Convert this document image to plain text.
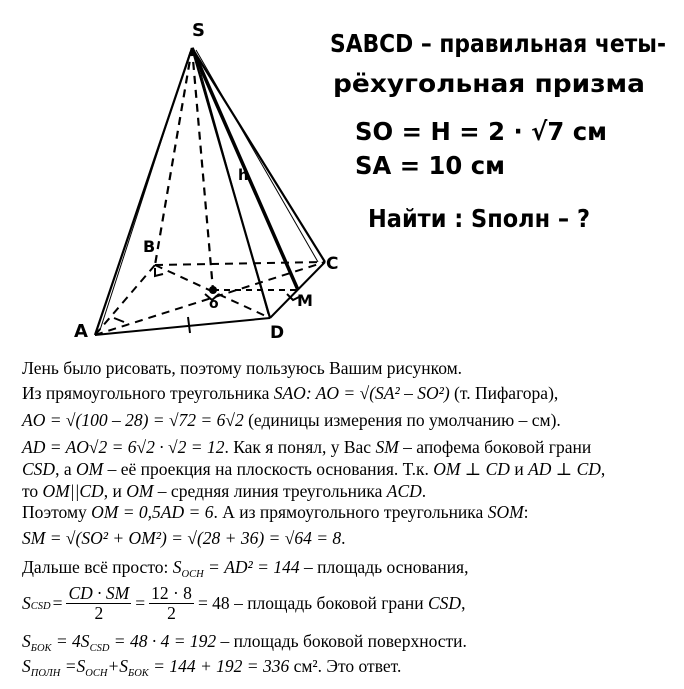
S
A
B
C
D
o	M
h
SABCD – правильная четы-
рёхугольная призма
SO = H = 2 · √7 см
SA = 10 см
Найти : Sполн – ?
Лень было рисовать, поэтому пользуюсь Вашим рисунком.
Из прямоугольного треугольника SAO: AO = √(SA² – SO²) (т. Пифагора),
AO = √(100 – 28) = √72 = 6√2 (единицы измерения по умолчанию – см).
AD = AO√2 = 6√2 · √2 = 12. Как я понял, у Вас SM – апофема боковой грани
CSD, а OM – её проекция на плоскость основания. Т.к. OM ⊥ CD и AD ⊥ CD,
то OM||CD, и OM – средняя линия треугольника ACD.
Поэтому OM = 0,5AD = 6. А из прямоугольного треугольника SOM:
SM = √(SO² + OM²) = √(28 + 36) = √64 = 8.
Дальше всё просто: $S_{ОСН} = AD^2 = 144$ – площадь основания,
S CSD = $\frac{CD \cdot SM}{2} = \frac{12 \cdot 8}{2} = 48$ – площадь боковой грани CSD ,
$S_{БОК} = 4S_{CSD} = 48 \cdot 4 = 192$ – площадь боковой поверхности.
$S_{ПОЛН} =S_{ОСН}+S_{БОК} = 144 + 192 = 336$ см². Это ответ.
